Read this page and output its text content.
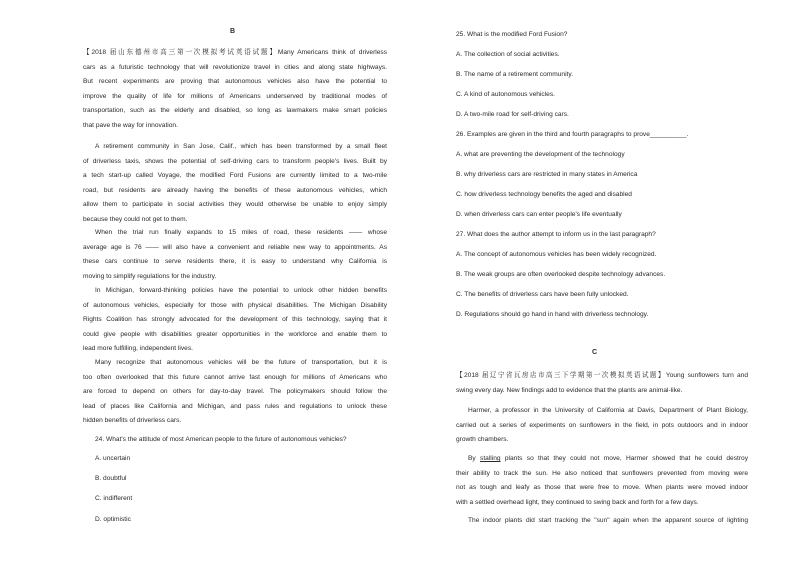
B
【2018 届山东德州市高三第一次模拟考试英语试题】Many Americans think of driverless
cars as a futuristic technology that will revolutionize travel in cities and along state highways.
But recent experiments are proving that autonomous vehicles also have the potential to
improve the quality of life for millions of Americans underserved by traditional modes of
transportation, such as the elderly and disabled, so long as lawmakers make smart policies
that pave the way for innovation.
A retirement community in San Jose, Calif., which has been transformed by a small fleet
of driverless taxis, shows the potential of self-driving cars to transform people's lives. Built by
a tech start-up called Voyage, the modified Ford Fusions are currently limited to a two-mile
road, but residents are already having the benefits of these autonomous vehicles, which
allow them to participate in social activities they would otherwise be unable to enjoy simply
because they could not get to them.
When the trial run finally expands to 15 miles of road, these residents —— whose
average age is 76 —— will also have a convenient and reliable new way to appointments. As
these cars continue to serve residents there, it is easy to understand why California is
moving to simplify regulations for the industry.
In Michigan, forward-thinking policies have the potential to unlock other hidden benefits
of autonomous vehicles, especially for those with physical disabilities. The Michigan Disability
Rights Coalition has strongly advocated for the development of this technology, saying that it
could give people with disabilities greater opportunities in the workforce and enable them to
lead more fulfilling, independent lives.
Many recognize that autonomous vehicles will be the future of transportation, but it is
too often overlooked that this future cannot arrive fast enough for millions of Americans who
are forced to depend on others for day-to-day travel. The policymakers should follow the
lead of places like California and Michigan, and pass rules and regulations to unlock these
hidden benefits of driverless cars.
24. What's the attitude of most American people to the future of autonomous vehicles?
A. uncertain
B. doubtful
C. indifferent
D. optimistic
25. What is the modified Ford Fusion?
A. The collection of social activities.
B. The name of a retirement community.
C. A kind of autonomous vehicles.
D. A two-mile road for self-driving cars.
26. Examples are given in the third and fourth paragraphs to prove__________.
A. what are preventing the development of the technology
B. why driverless cars are restricted in many states in America
C. how driverless technology benefits the aged and disabled
D. when driverless cars can enter people's life eventually
27. What does the author attempt to inform us in the last paragraph?
A. The concept of autonomous vehicles has been widely recognized.
B. The weak groups are often overlooked despite technology advances.
C. The benefits of driverless cars have been fully unlocked.
D. Regulations should go hand in hand with driverless technology.
C
【2018 届辽宁省瓦房店市高三下学期第一次模拟英语试题】Young sunflowers turn and
swing every day. New findings add to evidence that the plants are animal-like.
Harmer, a professor in the University of California at Davis, Department of Plant Biology,
carried out a series of experiments on sunflowers in the field, in pots outdoors and in indoor
growth chambers.
By stalling plants so that they could not move, Harmer showed that he could destroy
their ability to track the sun. He also noticed that sunflowers prevented from moving were
not as tough and leafy as those that were free to move. When plants were moved indoor
with a settled overhead light, they continued to swing back and forth for a few days.
The indoor plants did start tracking the "sun" again when the apparent source of lighting
